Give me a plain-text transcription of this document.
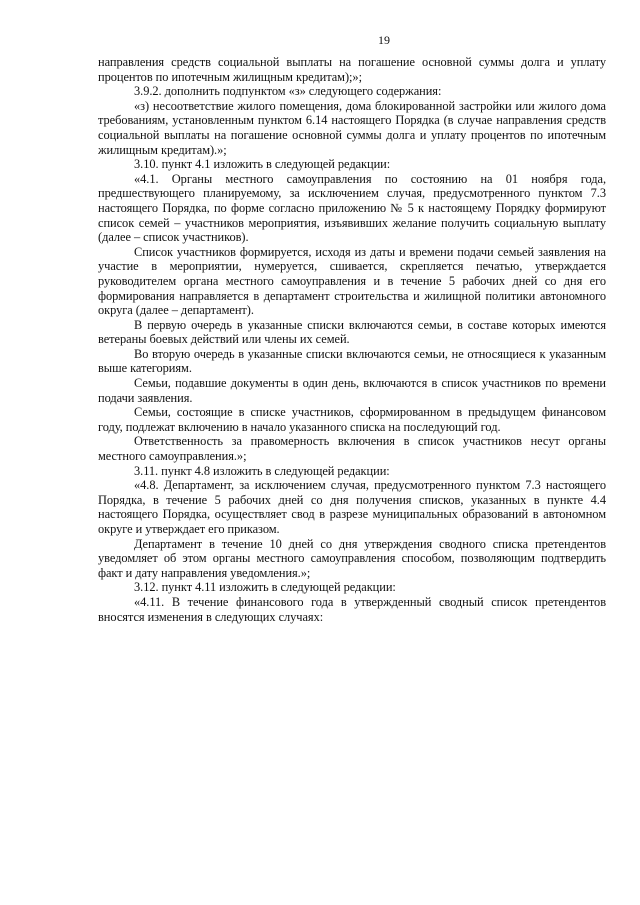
19

направления средств социальной выплаты на погашение основной суммы долга и уплату процентов по ипотечным жилищным кредитам);»;

3.9.2. дополнить подпунктом «з» следующего содержания:

«з) несоответствие жилого помещения, дома блокированной застройки или жилого дома требованиям, установленным пунктом 6.14 настоящего Порядка (в случае направления средств социальной выплаты на погашение основной суммы долга и уплату процентов по ипотечным жилищным кредитам).»;

3.10. пункт 4.1 изложить в следующей редакции:

«4.1. Органы местного самоуправления по состоянию на 01 ноября года, предшествующего планируемому, за исключением случая, предусмотренного пунктом 7.3 настоящего Порядка, по форме согласно приложению № 5 к настоящему Порядку формируют список семей – участников мероприятия, изъявивших желание получить социальную выплату (далее – список участников).

Список участников формируется, исходя из даты и времени подачи семьей заявления на участие в мероприятии, нумеруется, сшивается, скрепляется печатью, утверждается руководителем органа местного самоуправления и в течение 5 рабочих дней со дня его формирования направляется в департамент строительства и жилищной политики автономного округа (далее – департамент).

В первую очередь в указанные списки включаются семьи, в составе которых имеются ветераны боевых действий или члены их семей.

Во вторую очередь в указанные списки включаются семьи, не относящиеся к указанным выше категориям.

Семьи, подавшие документы в один день, включаются в список участников по времени подачи заявления.

Семьи, состоящие в списке участников, сформированном в предыдущем финансовом году, подлежат включению в начало указанного списка на последующий год.

Ответственность за правомерность включения в список участников несут органы местного самоуправления.»;

3.11. пункт 4.8 изложить в следующей редакции:

«4.8. Департамент, за исключением случая, предусмотренного пунктом 7.3 настоящего Порядка, в течение 5 рабочих дней со дня получения списков, указанных в пункте 4.4 настоящего Порядка, осуществляет свод в разрезе муниципальных образований в автономном округе и утверждает его приказом.

Департамент в течение 10 дней со дня утверждения сводного списка претендентов уведомляет об этом органы местного самоуправления способом, позволяющим подтвердить факт и дату направления уведомления.»;

3.12. пункт 4.11 изложить в следующей редакции:

«4.11. В течение финансового года в утвержденный сводный список претендентов вносятся изменения в следующих случаях:
